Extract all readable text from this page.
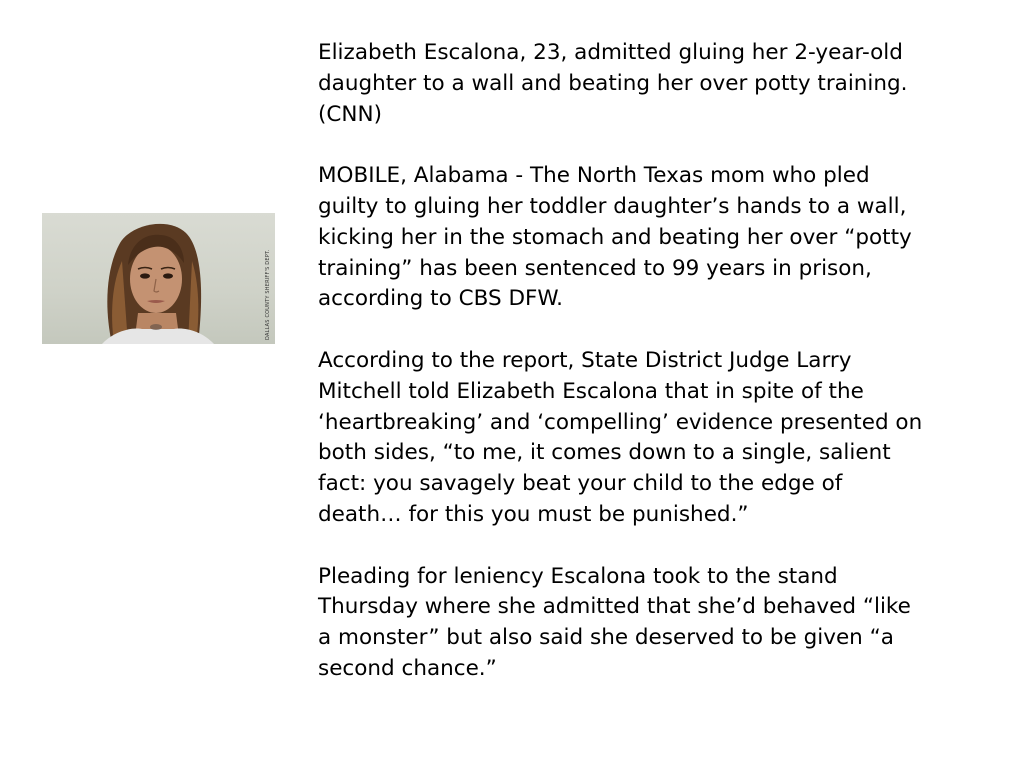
DALLAS COUNTY SHERIFF'S DEPT.

Elizabeth Escalona, 23, admitted gluing her 2-year-old
daughter to a wall and beating her over potty training.
(CNN)

MOBILE, Alabama - The North Texas mom who pled
guilty to gluing her toddler daughter’s hands to a wall,
kicking her in the stomach and beating her over “potty
training” has been sentenced to 99 years in prison,
according to CBS DFW.

According to the report, State District Judge Larry
Mitchell told Elizabeth Escalona that in spite of the
‘heartbreaking’ and ‘compelling’ evidence presented on
both sides, “to me, it comes down to a single, salient
fact: you savagely beat your child to the edge of
death… for this you must be punished.”

Pleading for leniency Escalona took to the stand
Thursday where she admitted that she’d behaved “like
a monster” but also said she deserved to be given “a
second chance.”
